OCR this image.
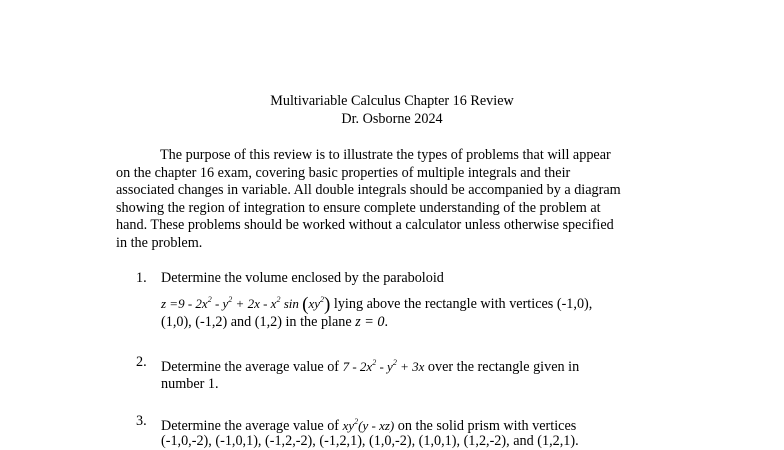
Multivariable Calculus Chapter 16 Review
Dr. Osborne 2024
The purpose of this review is to illustrate the types of problems that will appear
on the chapter 16 exam, covering basic properties of multiple integrals and their
associated changes in variable. All double integrals should be accompanied by a diagram
showing the region of integration to ensure complete understanding of the problem at
hand. These problems should be worked without a calculator unless otherwise specified
in the problem.
1. Determine the volume enclosed by the paraboloid
$z =9 - 2x^2 - y^2 + 2x - x^2$ $\sin (xy^2)$ lying above the rectangle with vertices (-1,0),
(1,0), (-1,2) and (1,2) in the plane z = 0.
2. Determine the average value of $7 - 2x^2 - y^2 + 3x$ over the rectangle given in
number 1.
3. Determine the average value of $xy^2(y - xz)$ on the solid prism with vertices
(-1,0,-2), (-1,0,1), (-1,2,-2), (-1,2,1), (1,0,-2), (1,0,1), (1,2,-2), and (1,2,1).
